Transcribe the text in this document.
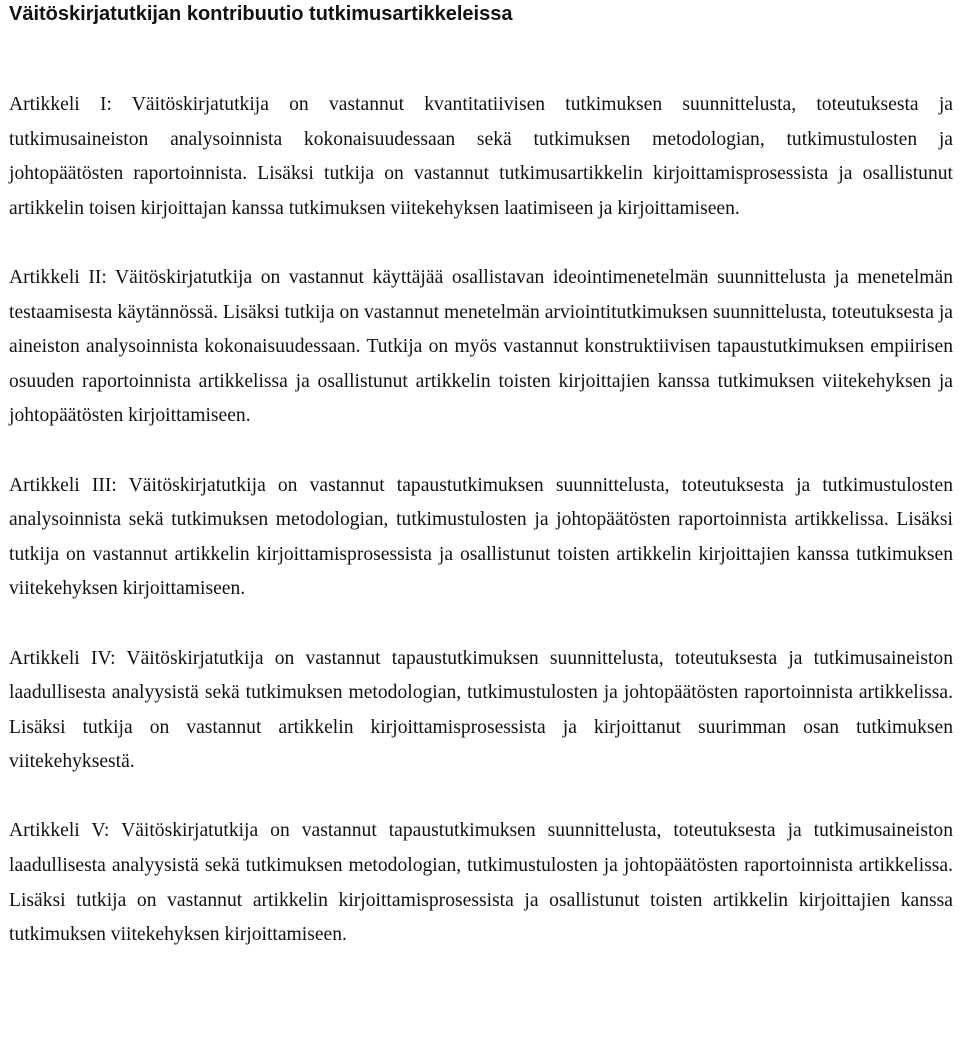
Väitöskirjatutkijan kontribuutio tutkimusartikkeleissa

Artikkeli I: Väitöskirjatutkija on vastannut kvantitatiivisen tutkimuksen suunnittelusta, toteutuksesta ja tutkimusaineiston analysoinnista kokonaisuudessaan sekä tutkimuksen metodologian, tutkimustulosten ja johtopäätösten raportoinnista. Lisäksi tutkija on vastannut tutkimusartikkelin kirjoittamisprosessista ja osallistunut artikkelin toisen kirjoittajan kanssa tutkimuksen viitekehyksen laatimiseen ja kirjoittamiseen.

Artikkeli II: Väitöskirjatutkija on vastannut käyttäjää osallistavan ideointimenetelmän suunnittelusta ja menetelmän testaamisesta käytännössä. Lisäksi tutkija on vastannut menetelmän arviointitutkimuksen suunnittelusta, toteutuksesta ja aineiston analysoinnista kokonaisuudessaan. Tutkija on myös vastannut konstruktiivisen tapaustutkimuksen empiirisen osuuden raportoinnista artikkelissa ja osallistunut artikkelin toisten kirjoittajien kanssa tutkimuksen viitekehyksen ja johtopäätösten kirjoittamiseen.

Artikkeli III: Väitöskirjatutkija on vastannut tapaustutkimuksen suunnittelusta, toteutuksesta ja tutkimustulosten analysoinnista sekä tutkimuksen metodologian, tutkimustulosten ja johtopäätösten raportoinnista artikkelissa. Lisäksi tutkija on vastannut artikkelin kirjoittamisprosessista ja osallistunut toisten artikkelin kirjoittajien kanssa tutkimuksen viitekehyksen kirjoittamiseen.

Artikkeli IV: Väitöskirjatutkija on vastannut tapaustutkimuksen suunnittelusta, toteutuksesta ja tutkimusaineiston laadullisesta analyysistä sekä tutkimuksen metodologian, tutkimustulosten ja johtopäätösten raportoinnista artikkelissa. Lisäksi tutkija on vastannut artikkelin kirjoittamisprosessista ja kirjoittanut suurimman osan tutkimuksen viitekehyksestä.

Artikkeli V: Väitöskirjatutkija on vastannut tapaustutkimuksen suunnittelusta, toteutuksesta ja tutkimusaineiston laadullisesta analyysistä sekä tutkimuksen metodologian, tutkimustulosten ja johtopäätösten raportoinnista artikkelissa. Lisäksi tutkija on vastannut artikkelin kirjoittamisprosessista ja osallistunut toisten artikkelin kirjoittajien kanssa tutkimuksen viitekehyksen kirjoittamiseen.
